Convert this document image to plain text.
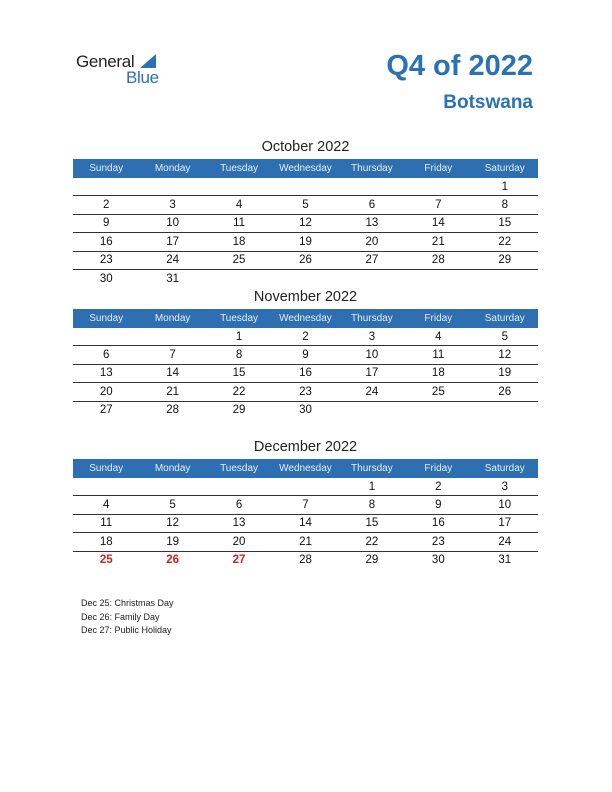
General
Blue	Q4 of 2022
Botswana
October 2022
Sunday	Monday	Tuesday	Wednesday	Thursday	Friday	Saturday
						1
2	3	4	5	6	7	8
9	10	11	12	13	14	15
16	17	18	19	20	21	22
23	24	25	26	27	28	29
30	31					
November 2022
Sunday	Monday	Tuesday	Wednesday	Thursday	Friday	Saturday
		1	2	3	4	5
6	7	8	9	10	11	12
13	14	15	16	17	18	19
20	21	22	23	24	25	26
27	28	29	30			
December 2022
Sunday	Monday	Tuesday	Wednesday	Thursday	Friday	Saturday
				1	2	3
4	5	6	7	8	9	10
11	12	13	14	15	16	17
18	19	20	21	22	23	24
25	26	27	28	29	30	31
Dec 25: Christmas Day
Dec 26: Family Day
Dec 27: Public Holiday
